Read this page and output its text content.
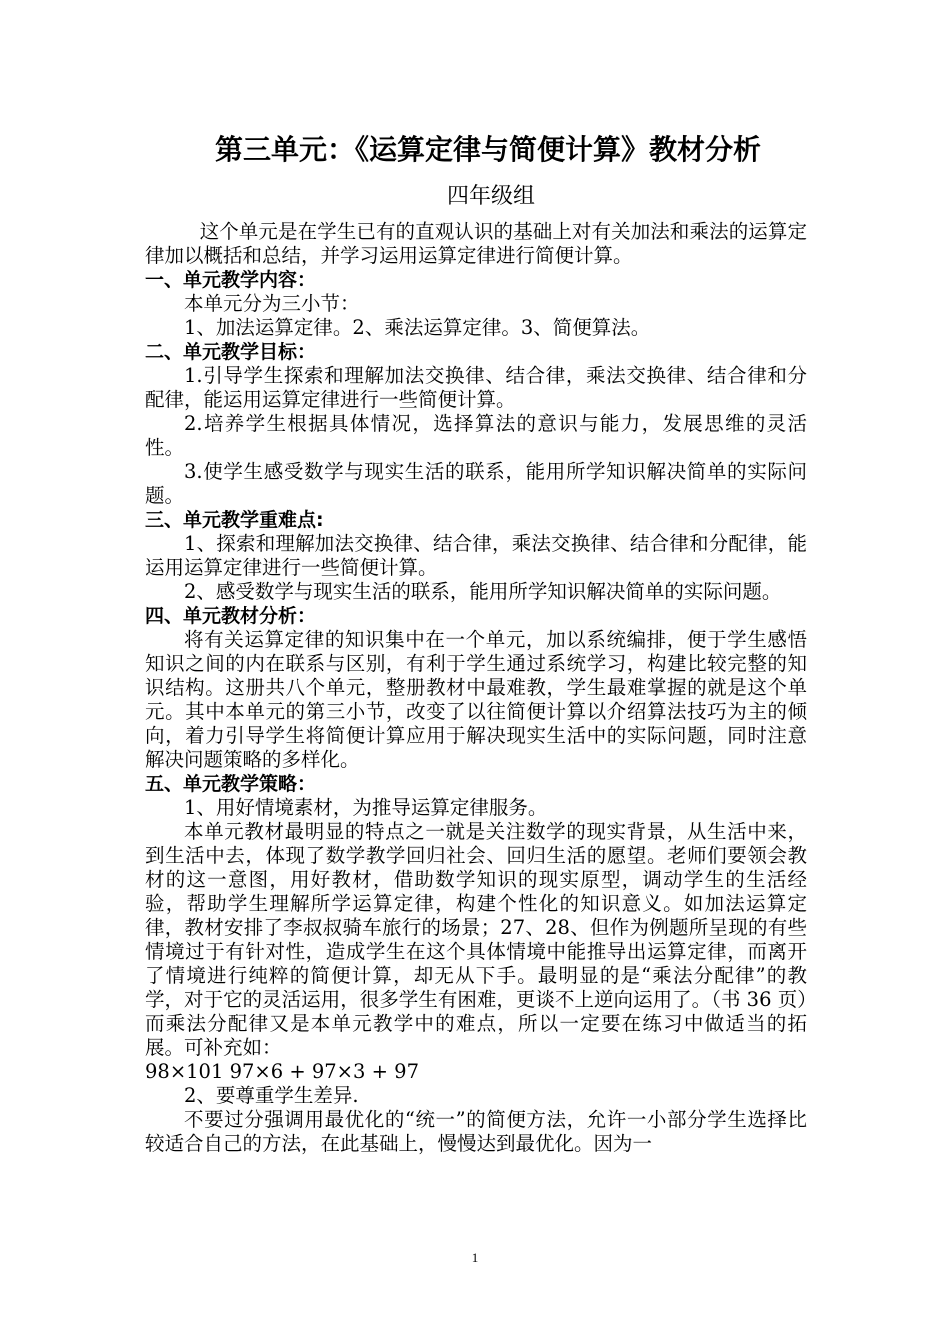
第三单元：《运算定律与简便计算》教材分析
四年级组

这个单元是在学生已有的直观认识的基础上对有关加法和乘法的运算定律加以概括和总结，并学习运用运算定律进行简便计算。

一、单元教学内容：

本单元分为三小节：

1、加法运算定律。2、乘法运算定律。3、简便算法。

二、单元教学目标：

1.引导学生探索和理解加法交换律、结合律，乘法交换律、结合律和分配律，能运用运算定律进行一些简便计算。

2.培养学生根据具体情况，选择算法的意识与能力，发展思维的灵活性。

3.使学生感受数学与现实生活的联系，能用所学知识解决简单的实际问题。

三、单元教学重难点:

1、探索和理解加法交换律、结合律，乘法交换律、结合律和分配律，能运用运算定律进行一些简便计算。

2、感受数学与现实生活的联系，能用所学知识解决简单的实际问题。

四、单元教材分析：

将有关运算定律的知识集中在一个单元，加以系统编排，便于学生感悟知识之间的内在联系与区别，有利于学生通过系统学习，构建比较完整的知识结构。这册共八个单元，整册教材中最难教，学生最难掌握的就是这个单元。其中本单元的第三小节，改变了以往简便计算以介绍算法技巧为主的倾向，着力引导学生将简便计算应用于解决现实生活中的实际问题，同时注意解决问题策略的多样化。

五、单元教学策略：

1、用好情境素材，为推导运算定律服务。

本单元教材最明显的特点之一就是关注数学的现实背景，从生活中来，到生活中去，体现了数学教学回归社会、回归生活的愿望。老师们要领会教材的这一意图，用好教材，借助数学知识的现实原型，调动学生的生活经验，帮助学生理解所学运算定律，构建个性化的知识意义。如加法运算定律，教材安排了李叔叔骑车旅行的场景；27、28、但作为例题所呈现的有些情境过于有针对性，造成学生在这个具体情境中能推导出运算定律，而离开了情境进行纯粹的简便计算，却无从下手。最明显的是“乘法分配律”的教学，对于它的灵活运用，很多学生有困难，更谈不上逆向运用了。（书 36 页）而乘法分配律又是本单元教学中的难点，所以一定要在练习中做适当的拓展。可补充如：

98×101 97×6 + 97×3 + 97

2、要尊重学生差异.

不要过分强调用最优化的“统一”的简便方法，允许一小部分学生选择比较适合自己的方法，在此基础上，慢慢达到最优化。因为一

1
